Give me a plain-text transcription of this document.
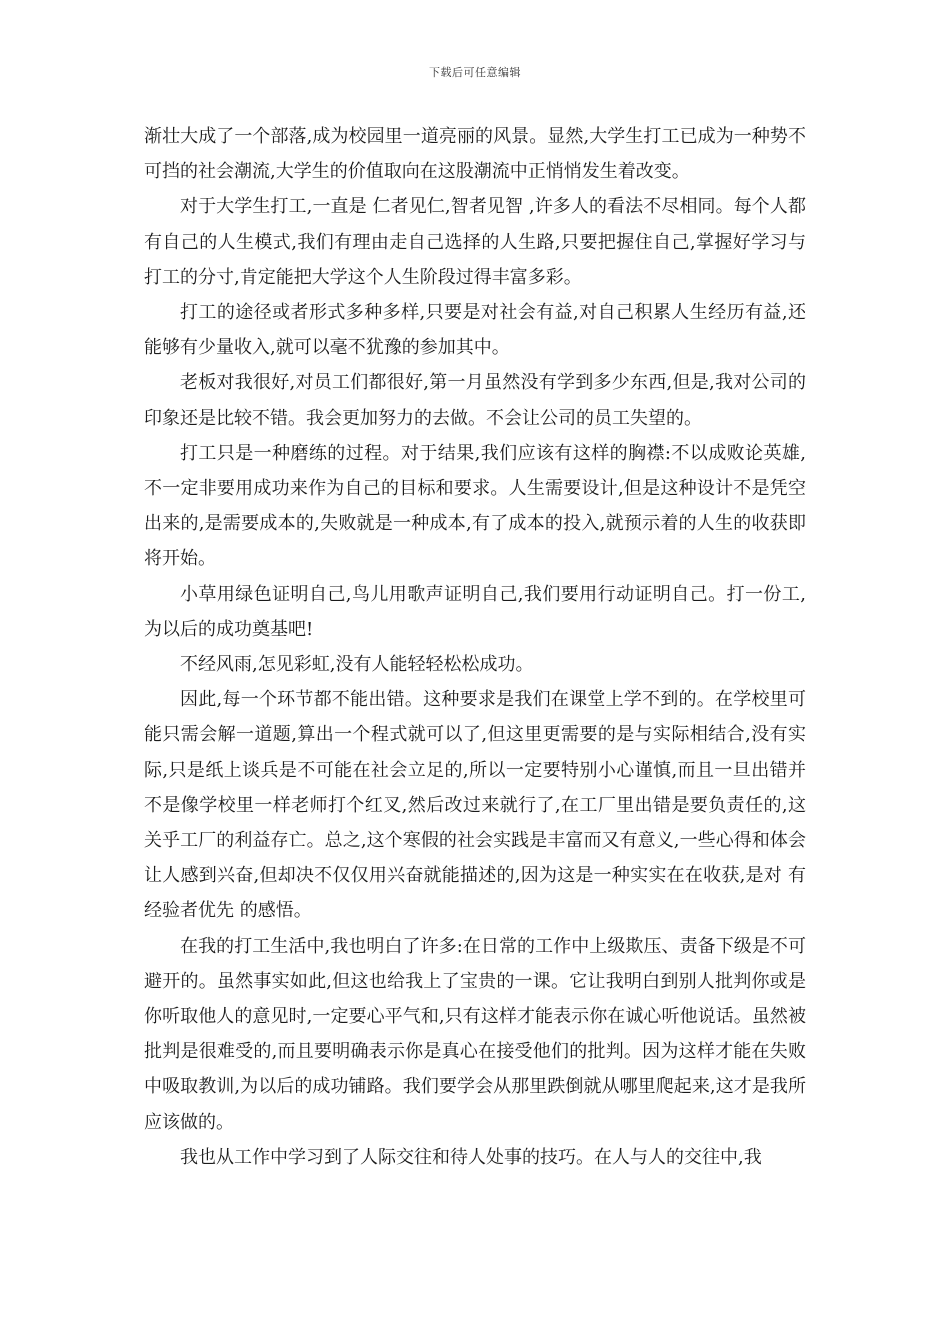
下载后可任意编辑

渐壮大成了一个部落,成为校园里一道亮丽的风景。显然,大学生打工已成为一种势不可挡的社会潮流,大学生的价值取向在这股潮流中正悄悄发生着改变。

对于大学生打工,一直是 仁者见仁,智者见智 ,许多人的看法不尽相同。每个人都有自己的人生模式,我们有理由走自己选择的人生路,只要把握住自己,掌握好学习与打工的分寸,肯定能把大学这个人生阶段过得丰富多彩。

打工的途径或者形式多种多样,只要是对社会有益,对自己积累人生经历有益,还能够有少量收入,就可以毫不犹豫的参加其中。

老板对我很好,对员工们都很好,第一月虽然没有学到多少东西,但是,我对公司的印象还是比较不错。我会更加努力的去做。不会让公司的员工失望的。

打工只是一种磨练的过程。对于结果,我们应该有这样的胸襟:不以成败论英雄,不一定非要用成功来作为自己的目标和要求。人生需要设计,但是这种设计不是凭空出来的,是需要成本的,失败就是一种成本,有了成本的投入,就预示着的人生的收获即将开始。

小草用绿色证明自己,鸟儿用歌声证明自己,我们要用行动证明自己。打一份工,为以后的成功奠基吧!

不经风雨,怎见彩虹,没有人能轻轻松松成功。

因此,每一个环节都不能出错。这种要求是我们在课堂上学不到的。在学校里可能只需会解一道题,算出一个程式就可以了,但这里更需要的是与实际相结合,没有实际,只是纸上谈兵是不可能在社会立足的,所以一定要特别小心谨慎,而且一旦出错并不是像学校里一样老师打个红叉,然后改过来就行了,在工厂里出错是要负责任的,这关乎工厂的利益存亡。总之,这个寒假的社会实践是丰富而又有意义,一些心得和体会让人感到兴奋,但却决不仅仅用兴奋就能描述的,因为这是一种实实在在收获,是对 有经验者优先 的感悟。

在我的打工生活中,我也明白了许多:在日常的工作中上级欺压、责备下级是不可避开的。虽然事实如此,但这也给我上了宝贵的一课。它让我明白到别人批判你或是你听取他人的意见时,一定要心平气和,只有这样才能表示你在诚心听他说话。虽然被批判是很难受的,而且要明确表示你是真心在接受他们的批判。因为这样才能在失败中吸取教训,为以后的成功铺路。我们要学会从那里跌倒就从哪里爬起来,这才是我所应该做的。

我也从工作中学习到了人际交往和待人处事的技巧。在人与人的交往中,我
